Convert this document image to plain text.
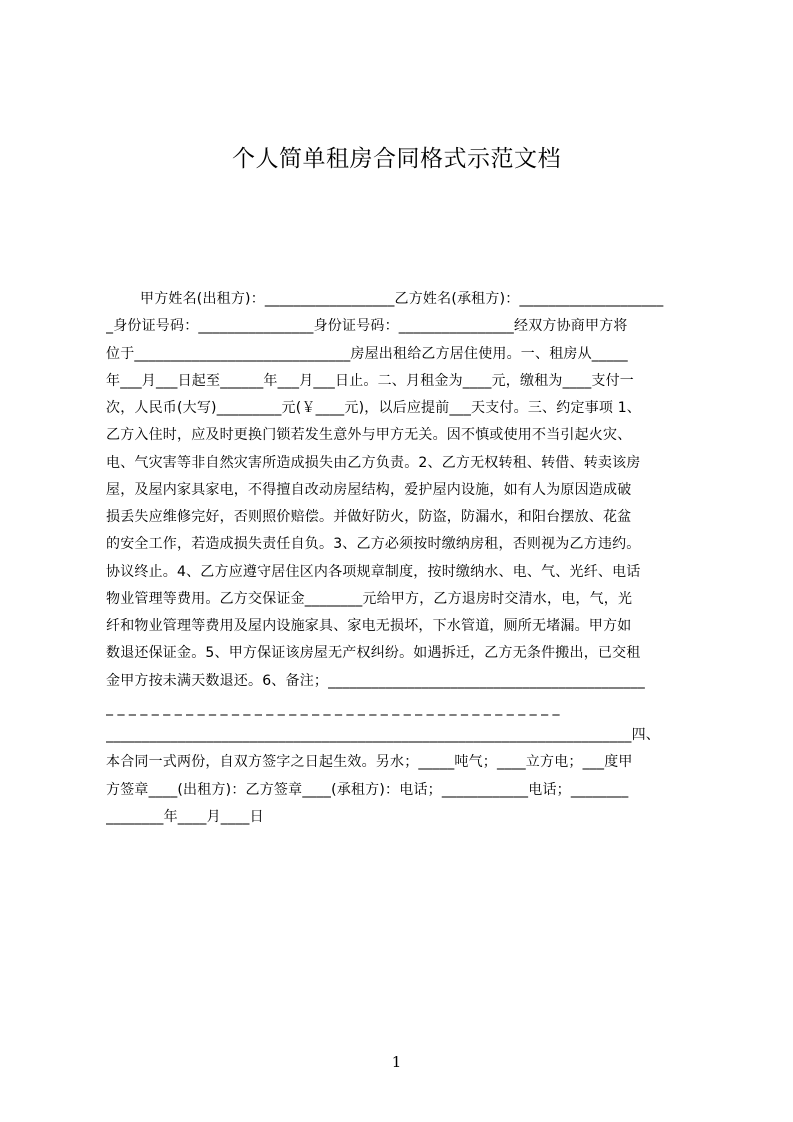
个人简单租房合同格式示范文档
甲方姓名(出租方)：__________________乙方姓名(承租方)：____________________
_身份证号码：________________身份证号码：________________经双方协商甲方将
位于______________________________房屋出租给乙方居住使用。一、租房从_____
年___月___日起至______年___月___日止。二、月租金为____元，缴租为____支付一
次，人民币(大写)_________元(￥____元)，以后应提前___天支付。三、约定事项 1、
乙方入住时，应及时更换门锁若发生意外与甲方无关。因不慎或使用不当引起火灾、
电、气灾害等非自然灾害所造成损失由乙方负责。2、乙方无权转租、转借、转卖该房
屋，及屋内家具家电，不得擅自改动房屋结构，爱护屋内设施，如有人为原因造成破
损丢失应维修完好，否则照价赔偿。并做好防火，防盗，防漏水，和阳台摆放、花盆
的安全工作，若造成损失责任自负。3、乙方必须按时缴纳房租，否则视为乙方违约。
协议终止。4、乙方应遵守居住区内各项规章制度，按时缴纳水、电、气、光纤、电话
物业管理等费用。乙方交保证金________元给甲方，乙方退房时交清水，电，气，光
纤和物业管理等费用及屋内设施家具、家电无损坏，下水管道，厕所无堵漏。甲方如
数退还保证金。5、甲方保证该房屋无产权纠纷。如遇拆迁，乙方无条件搬出，已交租
金甲方按未满天数退还。6、备注；____________________________________________
_ _ _ _ _ _ _ _ _ _ _ _ _ _ _ _ _ _ _ _ _ _ _ _ _ _ _ _ _ _ _ _ _ _ _ _ _ _ _ _
_________________________________________________________________________四、
本合同一式两份，自双方签字之日起生效。另水；_____吨气；____立方电；___度甲
方签章____(出租方)：乙方签章____(承租方)：电话；____________电话；________
________年____月____日
1
